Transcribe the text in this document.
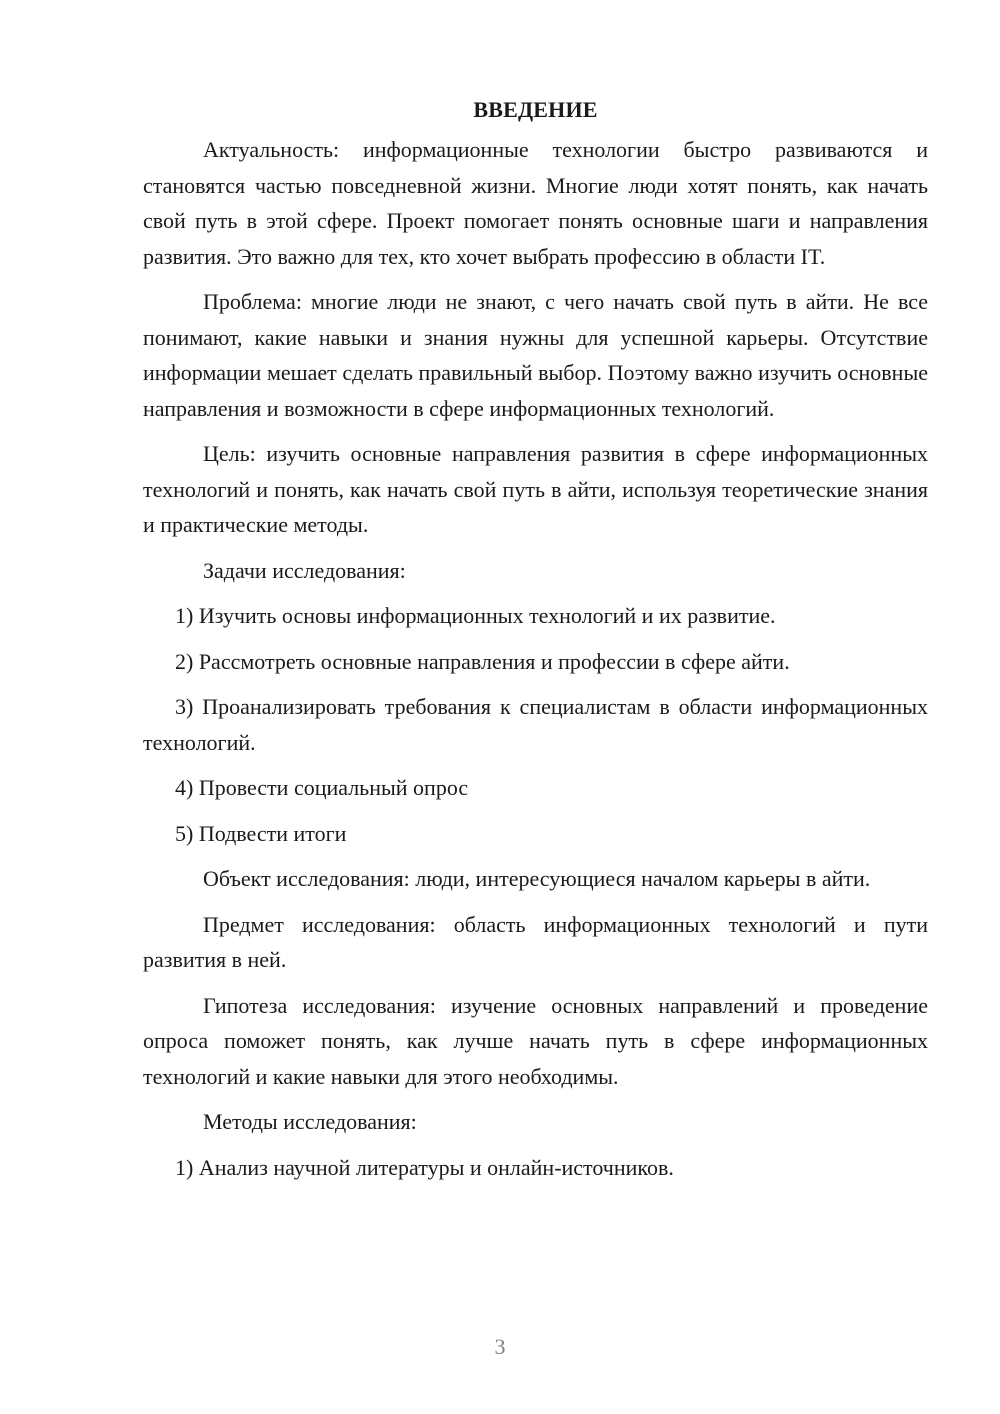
ВВЕДЕНИЕ

Актуальность: информационные технологии быстро развиваются и становятся частью повседневной жизни. Многие люди хотят понять, как начать свой путь в этой сфере. Проект помогает понять основные шаги и направления развития. Это важно для тех, кто хочет выбрать профессию в области IT.

Проблема: многие люди не знают, с чего начать свой путь в айти. Не все понимают, какие навыки и знания нужны для успешной карьеры. Отсутствие информации мешает сделать правильный выбор. Поэтому важно изучить основные направления и возможности в сфере информационных технологий.

Цель: изучить основные направления развития в сфере информационных технологий и понять, как начать свой путь в айти, используя теоретические знания и практические методы.

Задачи исследования:

1) Изучить основы информационных технологий и их развитие.

2) Рассмотреть основные направления и профессии в сфере айти.

3) Проанализировать требования к специалистам в области информационных технологий.

4) Провести социальный опрос

5) Подвести итоги

Объект исследования: люди, интересующиеся началом карьеры в айти.

Предмет исследования: область информационных технологий и пути развития в ней.

Гипотеза исследования: изучение основных направлений и проведение опроса поможет понять, как лучше начать путь в сфере информационных технологий и какие навыки для этого необходимы.

Методы исследования:

1) Анализ научной литературы и онлайн-источников.

3
